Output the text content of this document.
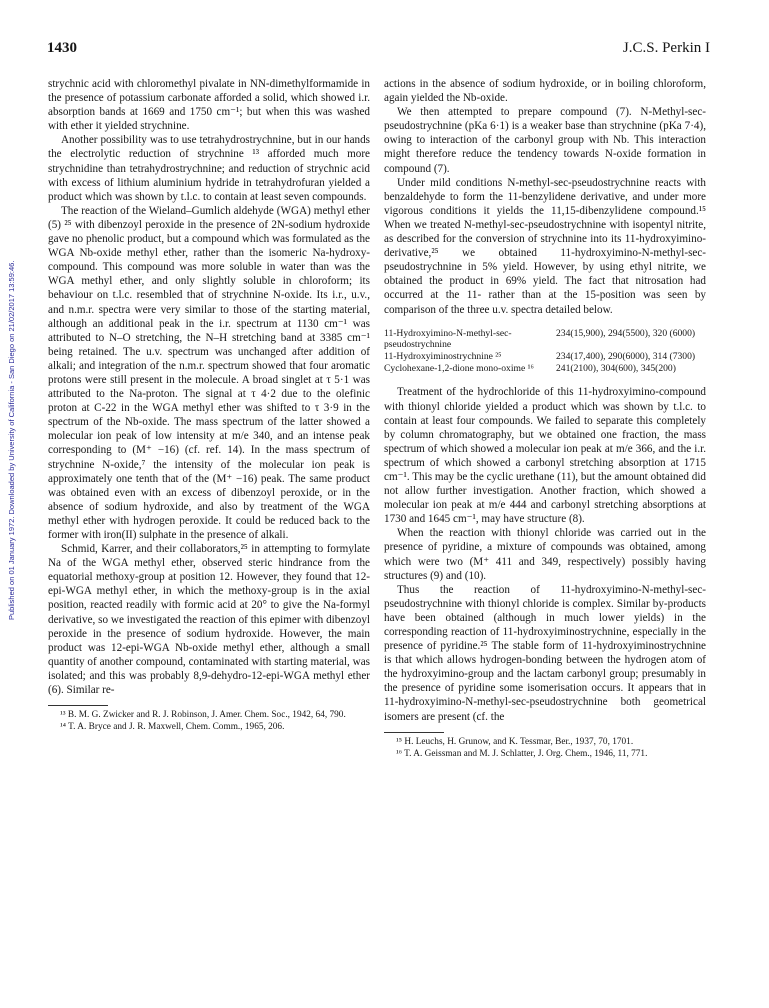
Published on 01 January 1972. Downloaded by University of California - San Diego on 21/02/2017 13:59:46.
1430	J.C.S. Perkin I

strychnic acid with chloromethyl pivalate in NN-dimethylformamide in the presence of potassium carbonate afforded a solid, which showed i.r. absorption bands at 1669 and 1750 cm⁻¹; but when this was washed with ether it yielded strychnine.

Another possibility was to use tetrahydrostrychnine, but in our hands the electrolytic reduction of strychnine ¹³ afforded much more strychnidine than tetrahydrostrychnine; and reduction of strychnic acid with excess of lithium aluminium hydride in tetrahydrofuran yielded a product which was shown by t.l.c. to contain at least seven compounds.

The reaction of the Wieland–Gumlich aldehyde (WGA) methyl ether (5) ²⁵ with dibenzoyl peroxide in the presence of 2N-sodium hydroxide gave no phenolic product, but a compound which was formulated as the WGA Nb-oxide methyl ether, rather than the isomeric Na-hydroxy-compound. This compound was more soluble in water than was the WGA methyl ether, and only slightly soluble in chloroform; its behaviour on t.l.c. resembled that of strychnine N-oxide. Its i.r., u.v., and n.m.r. spectra were very similar to those of the starting material, although an additional peak in the i.r. spectrum at 1130 cm⁻¹ was attributed to N–O stretching, the N–H stretching band at 3385 cm⁻¹ being retained. The u.v. spectrum was unchanged after addition of alkali; and integration of the n.m.r. spectrum showed that four aromatic protons were still present in the molecule. A broad singlet at τ 5·1 was attributed to the Na-proton. The signal at τ 4·2 due to the olefinic proton at C-22 in the WGA methyl ether was shifted to τ 3·9 in the spectrum of the Nb-oxide. The mass spectrum of the latter showed a molecular ion peak of low intensity at m/e 340, and an intense peak corresponding to (M⁺ −16) (cf. ref. 14). In the mass spectrum of strychnine N-oxide,⁷ the intensity of the molecular ion peak is approximately one tenth that of the (M⁺ −16) peak. The same product was obtained even with an excess of dibenzoyl peroxide, or in the absence of sodium hydroxide, and also by treatment of the WGA methyl ether with hydrogen peroxide. It could be reduced back to the former with iron(II) sulphate in the presence of alkali.

Schmid, Karrer, and their collaborators,²⁵ in attempting to formylate Na of the WGA methyl ether, observed steric hindrance from the equatorial methoxy-group at position 12. However, they found that 12-epi-WGA methyl ether, in which the methoxy-group is in the axial position, reacted readily with formic acid at 20° to give the Na-formyl derivative, so we investigated the reaction of this epimer with dibenzoyl peroxide in the presence of sodium hydroxide. However, the main product was 12-epi-WGA Nb-oxide methyl ether, although a small quantity of another compound, contaminated with starting material, was isolated; and this was probably 8,9-dehydro-12-epi-WGA methyl ether (6). Similar re-

¹³ B. M. G. Zwicker and R. J. Robinson, J. Amer. Chem. Soc., 1942, 64, 790.

¹⁴ T. A. Bryce and J. R. Maxwell, Chem. Comm., 1965, 206.

actions in the absence of sodium hydroxide, or in boiling chloroform, again yielded the Nb-oxide.

We then attempted to prepare compound (7). N-Methyl-sec-pseudostrychnine (pKa 6·1) is a weaker base than strychnine (pKa 7·4), owing to interaction of the carbonyl group with Nb. This interaction might therefore reduce the tendency towards N-oxide formation in compound (7).

Under mild conditions N-methyl-sec-pseudostrychnine reacts with benzaldehyde to form the 11-benzylidene derivative, and under more vigorous conditions it yields the 11,15-dibenzylidene compound.¹⁵ When we treated N-methyl-sec-pseudostrychnine with isopentyl nitrite, as described for the conversion of strychnine into its 11-hydroxyimino-derivative,²⁵ we obtained 11-hydroxyimino-N-methyl-sec-pseudostrychnine in 5% yield. However, by using ethyl nitrite, we obtained the product in 69% yield. The fact that nitrosation had occurred at the 11- rather than at the 15-position was seen by comparison of the three u.v. spectra detailed below.

11-Hydroxyimino-N-methyl-sec-pseudostrychnine
234(15,900), 294(5500), 320 (6000)
11-Hydroxyiminostrychnine ²⁵	234(17,400), 290(6000), 314 (7300)
Cyclohexane-1,2-dione mono-oxime ¹⁶	241(2100), 304(600), 345(200)

Treatment of the hydrochloride of this 11-hydroxyimino-compound with thionyl chloride yielded a product which was shown by t.l.c. to contain at least four compounds. We failed to separate this completely by column chromatography, but we obtained one fraction, the mass spectrum of which showed a molecular ion peak at m/e 366, and the i.r. spectrum of which showed a carbonyl stretching absorption at 1715 cm⁻¹. This may be the cyclic urethane (11), but the amount obtained did not allow further investigation. Another fraction, which showed a molecular ion peak at m/e 444 and carbonyl stretching absorptions at 1730 and 1645 cm⁻¹, may have structure (8).

When the reaction with thionyl chloride was carried out in the presence of pyridine, a mixture of compounds was obtained, among which were two (M⁺ 411 and 349, respectively) possibly having structures (9) and (10).

Thus the reaction of 11-hydroxyimino-N-methyl-sec-pseudostrychnine with thionyl chloride is complex. Similar by-products have been obtained (although in much lower yields) in the corresponding reaction of 11-hydroxyiminostrychnine, especially in the presence of pyridine.²⁵ The stable form of 11-hydroxyiminostrychnine is that which allows hydrogen-bonding between the hydrogen atom of the hydroxyimino-group and the lactam carbonyl group; presumably in the presence of pyridine some isomerisation occurs. It appears that in 11-hydroxyimino-N-methyl-sec-pseudostrychnine both geometrical isomers are present (cf. the

¹⁵ H. Leuchs, H. Grunow, and K. Tessmar, Ber., 1937, 70, 1701.

¹⁶ T. A. Geissman and M. J. Schlatter, J. Org. Chem., 1946, 11, 771.
